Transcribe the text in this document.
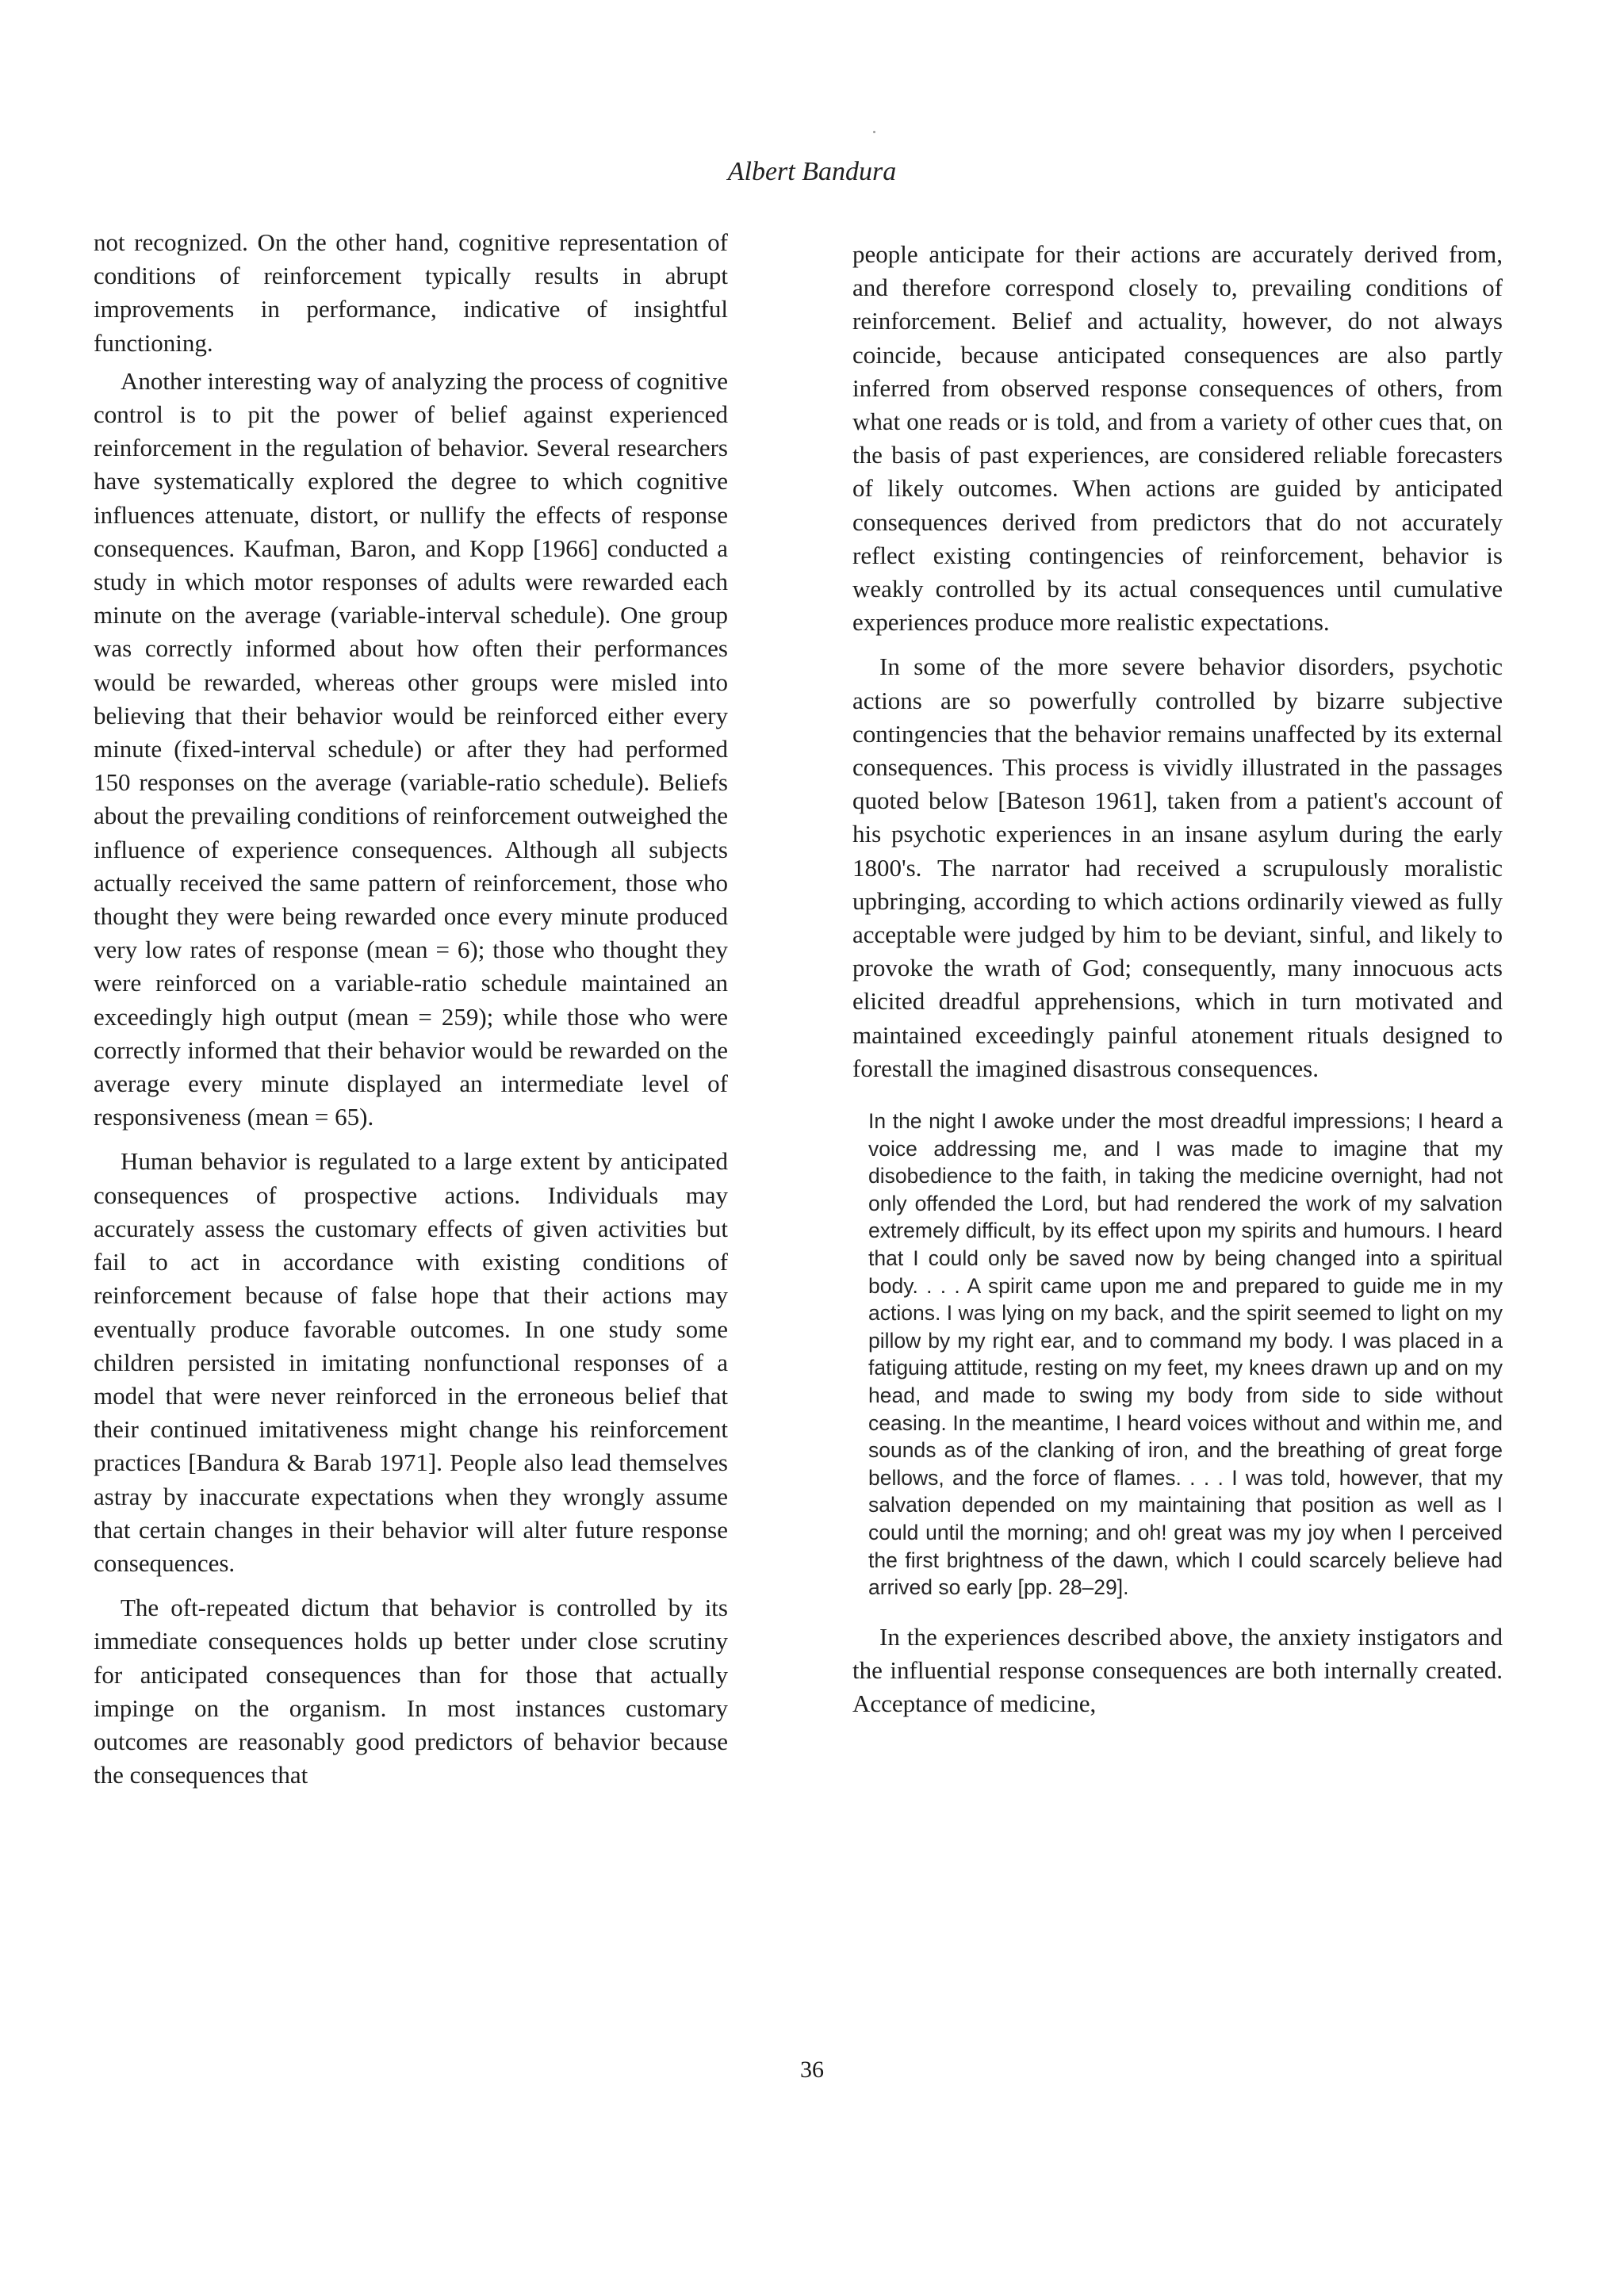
Albert Bandura

not recognized. On the other hand, cognitive representation of conditions of reinforcement typically results in abrupt improvements in performance, indicative of insightful functioning.

Another interesting way of analyzing the process of cognitive control is to pit the power of belief against experienced reinforcement in the regulation of behavior. Several researchers have systematically explored the degree to which cognitive influences attenuate, distort, or nullify the effects of response consequences. Kaufman, Baron, and Kopp [1966] conducted a study in which motor responses of adults were rewarded each minute on the average (variable-interval schedule). One group was correctly informed about how often their performances would be rewarded, whereas other groups were misled into believing that their behavior would be reinforced either every minute (fixed-interval schedule) or after they had performed 150 responses on the average (variable-ratio schedule). Beliefs about the prevailing conditions of reinforcement outweighed the influence of experience consequences. Although all subjects actually received the same pattern of reinforcement, those who thought they were being rewarded once every minute produced very low rates of response (mean = 6); those who thought they were reinforced on a variable-ratio schedule maintained an exceedingly high output (mean = 259); while those who were correctly informed that their behavior would be rewarded on the average every minute displayed an intermediate level of responsiveness (mean = 65).

Human behavior is regulated to a large extent by anticipated consequences of prospective actions. Individuals may accurately assess the customary effects of given activities but fail to act in accordance with existing conditions of reinforcement because of false hope that their actions may eventually produce favorable outcomes. In one study some children persisted in imitating nonfunctional responses of a model that were never reinforced in the erroneous belief that their continued imitativeness might change his reinforcement practices [Bandura & Barab 1971]. People also lead themselves astray by inaccurate expectations when they wrongly assume that certain changes in their behavior will alter future response consequences.

The oft-repeated dictum that behavior is controlled by its immediate consequences holds up better under close scrutiny for anticipated consequences than for those that actually impinge on the organism. In most instances customary outcomes are reasonably good predictors of behavior because the consequences that

people anticipate for their actions are accurately derived from, and therefore correspond closely to, prevailing conditions of reinforcement. Belief and actuality, however, do not always coincide, because anticipated consequences are also partly inferred from observed response consequences of others, from what one reads or is told, and from a variety of other cues that, on the basis of past experiences, are considered reliable forecasters of likely outcomes. When actions are guided by anticipated consequences derived from predictors that do not accurately reflect existing contingencies of reinforcement, behavior is weakly controlled by its actual consequences until cumulative experiences produce more realistic expectations.

In some of the more severe behavior disorders, psychotic actions are so powerfully controlled by bizarre subjective contingencies that the behavior remains unaffected by its external consequences. This process is vividly illustrated in the passages quoted below [Bateson 1961], taken from a patient's account of his psychotic experiences in an insane asylum during the early 1800's. The narrator had received a scrupulously moralistic upbringing, according to which actions ordinarily viewed as fully acceptable were judged by him to be deviant, sinful, and likely to provoke the wrath of God; consequently, many innocuous acts elicited dreadful apprehensions, which in turn motivated and maintained exceedingly painful atonement rituals designed to forestall the imagined disastrous consequences.

In the night I awoke under the most dreadful impressions; I heard a voice addressing me, and I was made to imagine that my disobedience to the faith, in taking the medicine overnight, had not only offended the Lord, but had rendered the work of my salvation extremely difficult, by its effect upon my spirits and humours. I heard that I could only be saved now by being changed into a spiritual body. . . . A spirit came upon me and prepared to guide me in my actions. I was lying on my back, and the spirit seemed to light on my pillow by my right ear, and to command my body. I was placed in a fatiguing attitude, resting on my feet, my knees drawn up and on my head, and made to swing my body from side to side without ceasing. In the meantime, I heard voices without and within me, and sounds as of the clanking of iron, and the breathing of great forge bellows, and the force of flames. . . . I was told, however, that my salvation depended on my maintaining that position as well as I could until the morning; and oh! great was my joy when I perceived the first brightness of the dawn, which I could scarcely believe had arrived so early [pp. 28–29].

In the experiences described above, the anxiety instigators and the influential response consequences are both internally created. Acceptance of medicine,

36
